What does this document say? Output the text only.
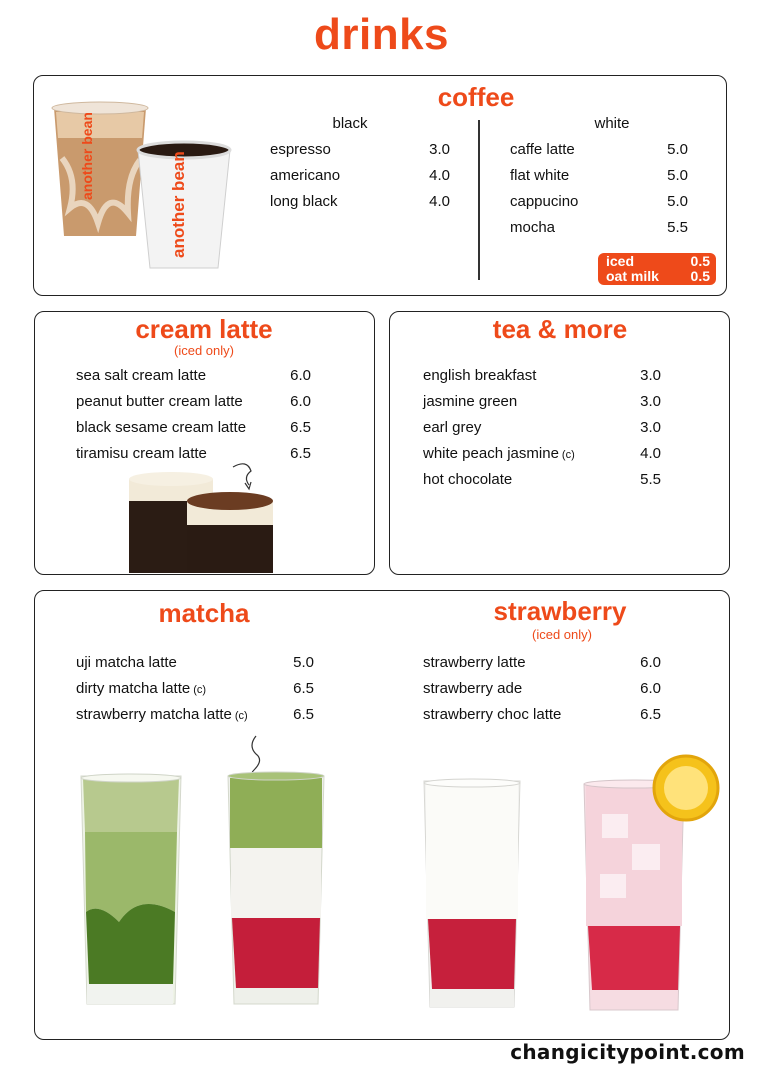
drinks
another bean	another bean
coffee
black	white
espresso	3.0
americano	4.0
long black	4.0
caffe latte	5.0
flat white	5.0
cappucino	5.0
mocha	5.5
iced	0.5
oat milk 0.5
cream latte
(iced only)
sea salt cream latte	6.0
peanut butter cream latte	6.0
black sesame cream latte	6.5
tiramisu cream latte	6.5
tea & more
english breakfast	3.0
jasmine green	3.0
earl grey	3.0
white peach jasmine (c)	4.0
hot chocolate	5.5
matcha	strawberry
(iced only)
uji matcha latte	5.0
dirty matcha latte (c)	6.5
strawberry matcha latte (c)	6.5
strawberry latte	6.0
strawberry ade	6.0
strawberry choc latte	6.5
changicitypoint.com
